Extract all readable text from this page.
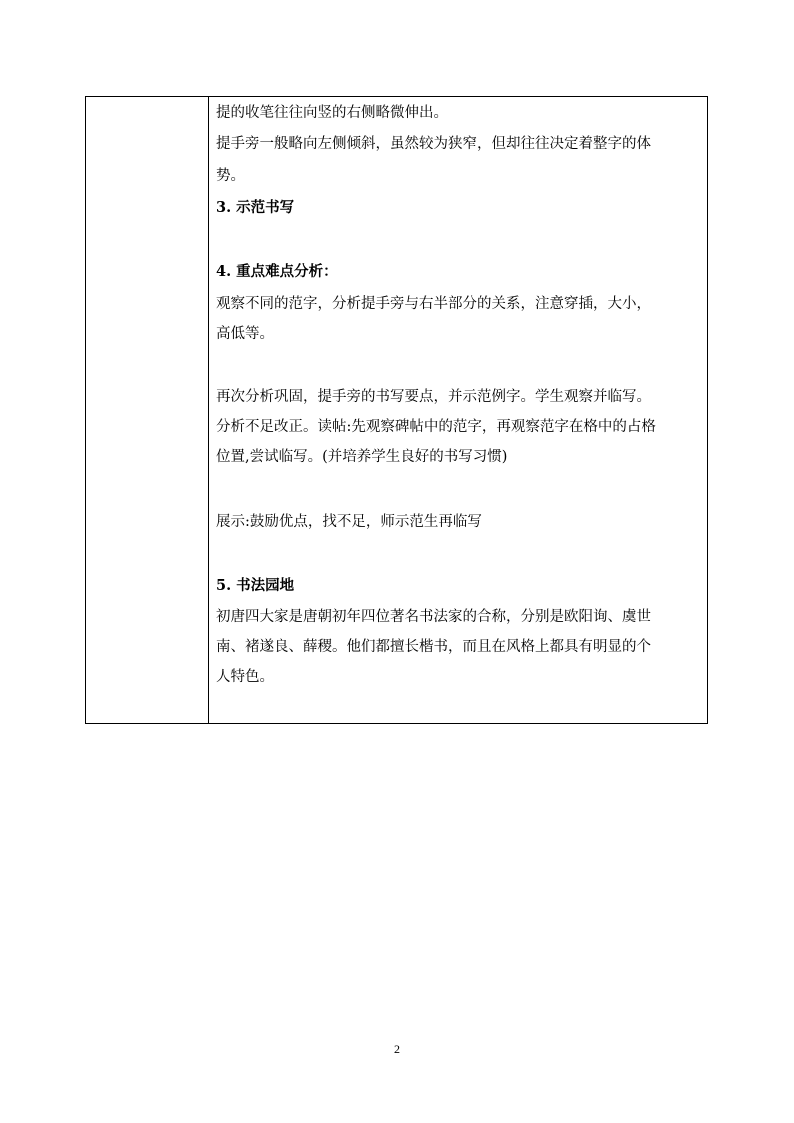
提的收笔往往向竖的右侧略微伸出。
提手旁一般略向左侧倾斜，虽然较为狭窄，但却往往决定着整字的体
势。
3. 示范书写
4. 重点难点分析：
观察不同的范字，分析提手旁与右半部分的关系，注意穿插，大小，
高低等。
再次分析巩固，提手旁的书写要点，并示范例字。学生观察并临写。
分析不足改正。读帖:先观察碑帖中的范字，再观察范字在格中的占格
位置,尝试临写。(并培养学生良好的书写习惯)
展示:鼓励优点，找不足，师示范生再临写
5. 书法园地
初唐四大家是唐朝初年四位著名书法家的合称，分别是欧阳询、虞世
南、褚遂良、薛稷。他们都擅长楷书，而且在风格上都具有明显的个
人特色。
2
